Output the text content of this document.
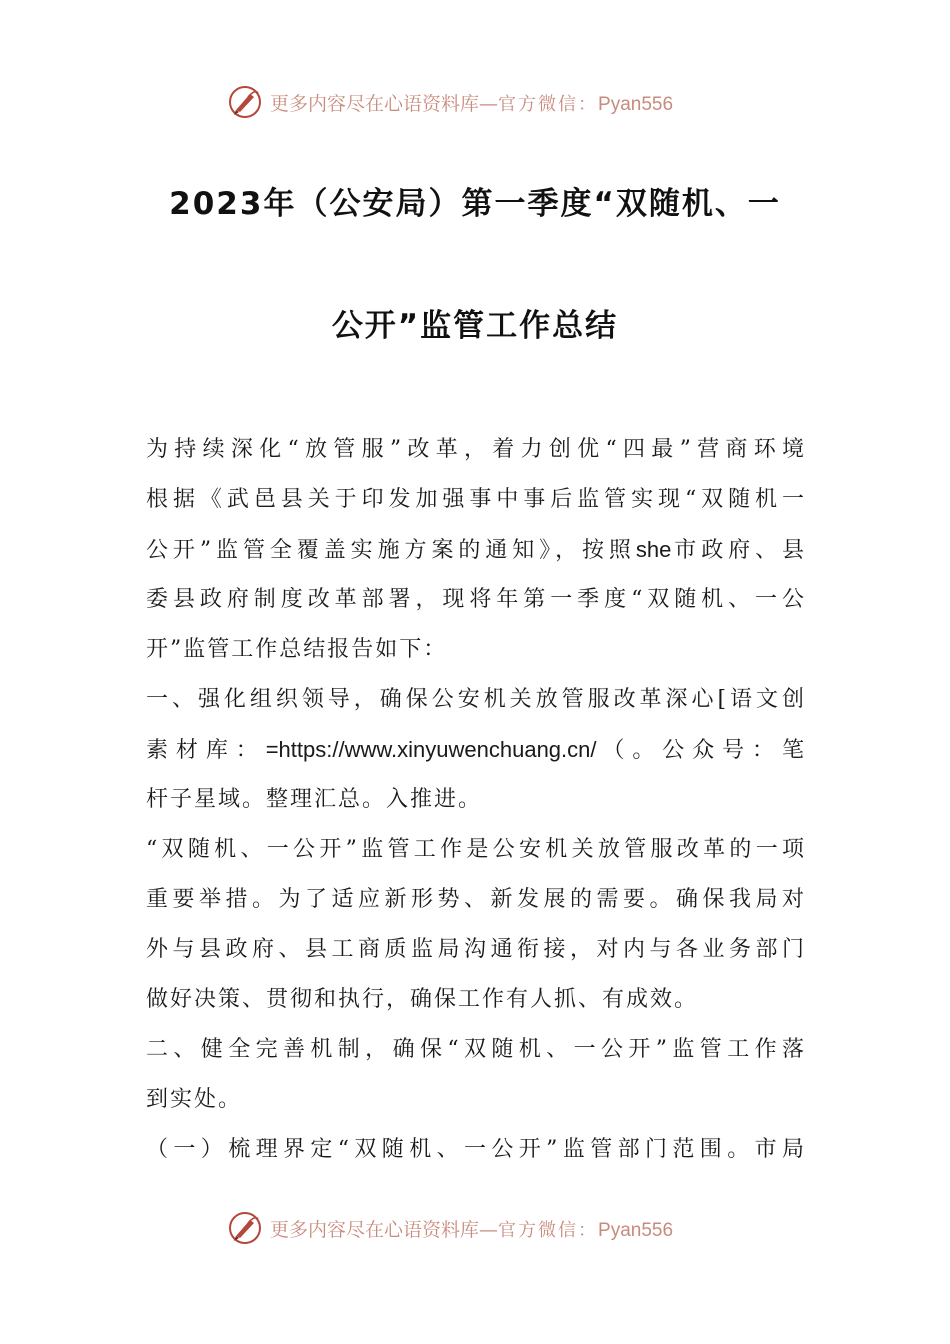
更多内容尽在心语资料库—官方微信：Pyan556
2023年（公安局）第一季度“双随机、一
公开”监管工作总结
为持续深化“放管服”改革，着力创优“四最”营商环境
根据《武邑县关于印发加强事中事后监管实现“双随机一
公开”监管全覆盖实施方案的通知》，按照she市政府、县
委县政府制度改革部署，现将年第一季度“双随机、一公
开”监管工作总结报告如下：
一、强化组织领导，确保公安机关放管服改革深心[语文创
素材库：=https://www.xinyuwenchuang.cn/（。公众号：笔
杆子星域。整理汇总。入推进。
“双随机、一公开”监管工作是公安机关放管服改革的一项
重要举措。为了适应新形势、新发展的需要。确保我局对
外与县政府、县工商质监局沟通衔接，对内与各业务部门
做好决策、贯彻和执行，确保工作有人抓、有成效。
二、健全完善机制，确保“双随机、一公开”监管工作落
到实处。
（一）梳理界定“双随机、一公开”监管部门范围。市局
更多内容尽在心语资料库—官方微信：Pyan556
